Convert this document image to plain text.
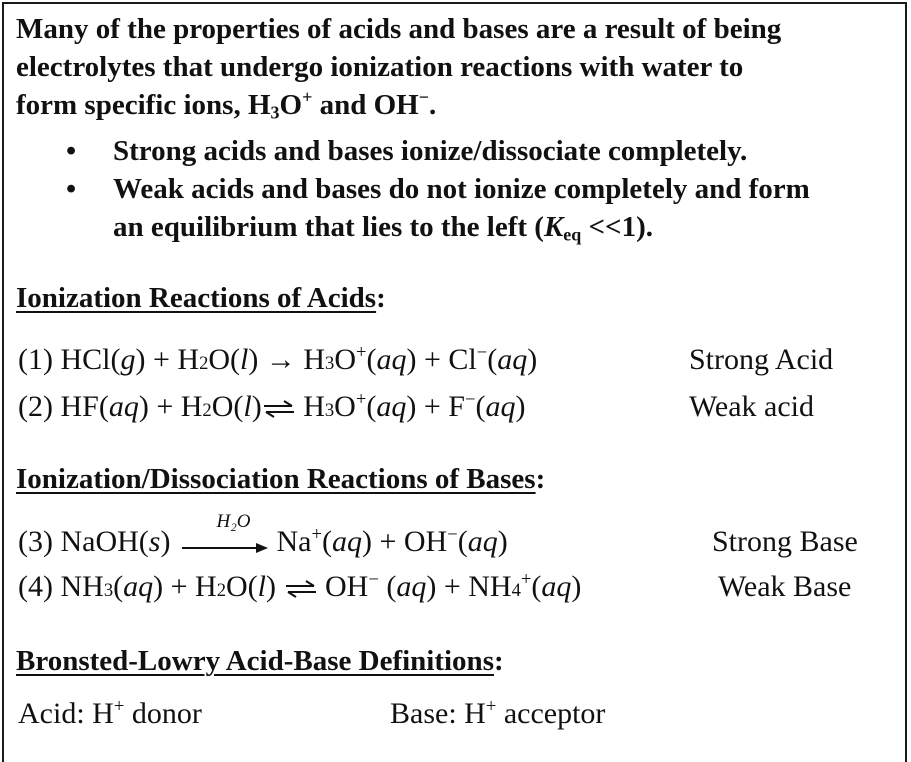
Many of the properties of acids and bases are a result of being
electrolytes that undergo ionization reactions with water to
form specific ions, $H_3O^+$ and OH−.
• Strong acids and bases ionize/dissociate completely.
• Weak acids and bases do not ionize completely and form
an equilibrium that lies to the left $(K_{eq} <<1)$.
Ionization Reactions of Acids:
(1) HCl(g) + H2O(l) → H3O+(aq) + Cl−(aq)	Strong Acid
(2) HF(aq) + H2O(l)⇌ H3O+(aq) + F−(aq)	Weak acid
Ionization/Dissociation Reactions of Bases:
(3) NaOH(s)
H₂O
Na+(aq) + OH−(aq)	Strong Base
(4) NH3(aq) + H2O(l) ⇌ OH− (aq) + NH4+(aq)	Weak Base
Bronsted-Lowry Acid-Base Definitions:
Acid: H+ donor	Base: H+ acceptor
